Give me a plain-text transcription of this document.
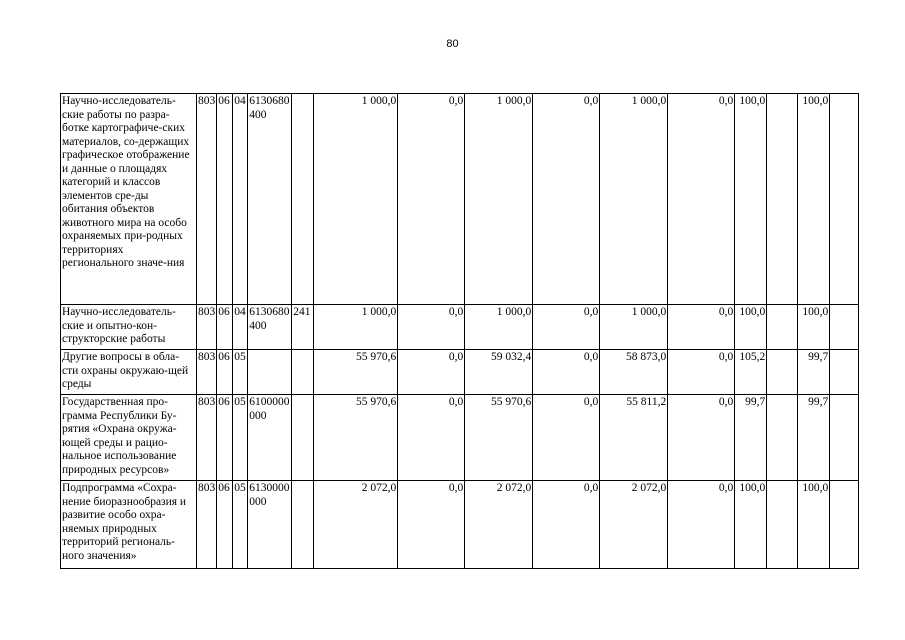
80
Научно-исследователь-ские работы по разра-ботке картографиче-ских материалов, со-держащих графическое отображение и данные о площадях категорий и классов элементов сре-ды обитания объектов животного мира на особо охраняемых при-родных территориях регионального значе-ния	803	06	04	6130680 400		1 000,0	0,0	1 000,0	0,0	1 000,0	0,0	100,0		100,0	
Научно-исследователь-ские и опытно-кон-структорские работы	803	06	04	6130680 400	241	1 000,0	0,0	1 000,0	0,0	1 000,0	0,0	100,0		100,0	
Другие вопросы в обла-сти охраны окружаю-щей среды	803	06	05			55 970,6	0,0	59 032,4	0,0	58 873,0	0,0	105,2		99,7	
Государственная про-грамма Республики Бу-рятия «Охрана окружа-ющей среды и рацио-нальное использование природных ресурсов»	803	06	05	6100000 000		55 970,6	0,0	55 970,6	0,0	55 811,2	0,0	99,7		99,7	
Подпрограмма «Сохра-нение биоразнообразия и развитие особо охра-няемых природных территорий региональ-ного значения»	803	06	05	6130000 000		2 072,0	0,0	2 072,0	0,0	2 072,0	0,0	100,0		100,0	
